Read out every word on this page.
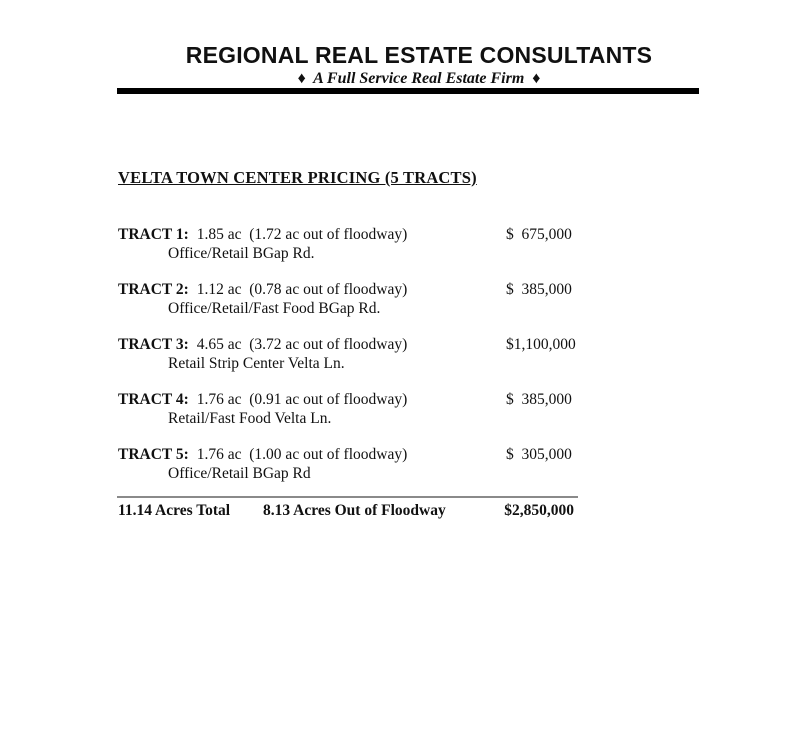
REGIONAL REAL ESTATE CONSULTANTS
♦  A Full Service Real Estate Firm  ♦
VELTA TOWN CENTER PRICING (5 TRACTS)
TRACT 1: 1.85 ac  (1.72 ac out of floodway)	$  675,000
Office/Retail BGap Rd.
TRACT 2: 1.12 ac  (0.78 ac out of floodway)	$  385,000
Office/Retail/Fast Food BGap Rd.
TRACT 3: 4.65 ac  (3.72 ac out of floodway)	$1,100,000
Retail Strip Center Velta Ln.
TRACT 4: 1.76 ac  (0.91 ac out of floodway)	$  385,000
Retail/Fast Food Velta Ln.
TRACT 5: 1.76 ac  (1.00 ac out of floodway)	$  305,000
Office/Retail BGap Rd
11.14 Acres Total 8.13 Acres Out of Floodway	$2,850,000
